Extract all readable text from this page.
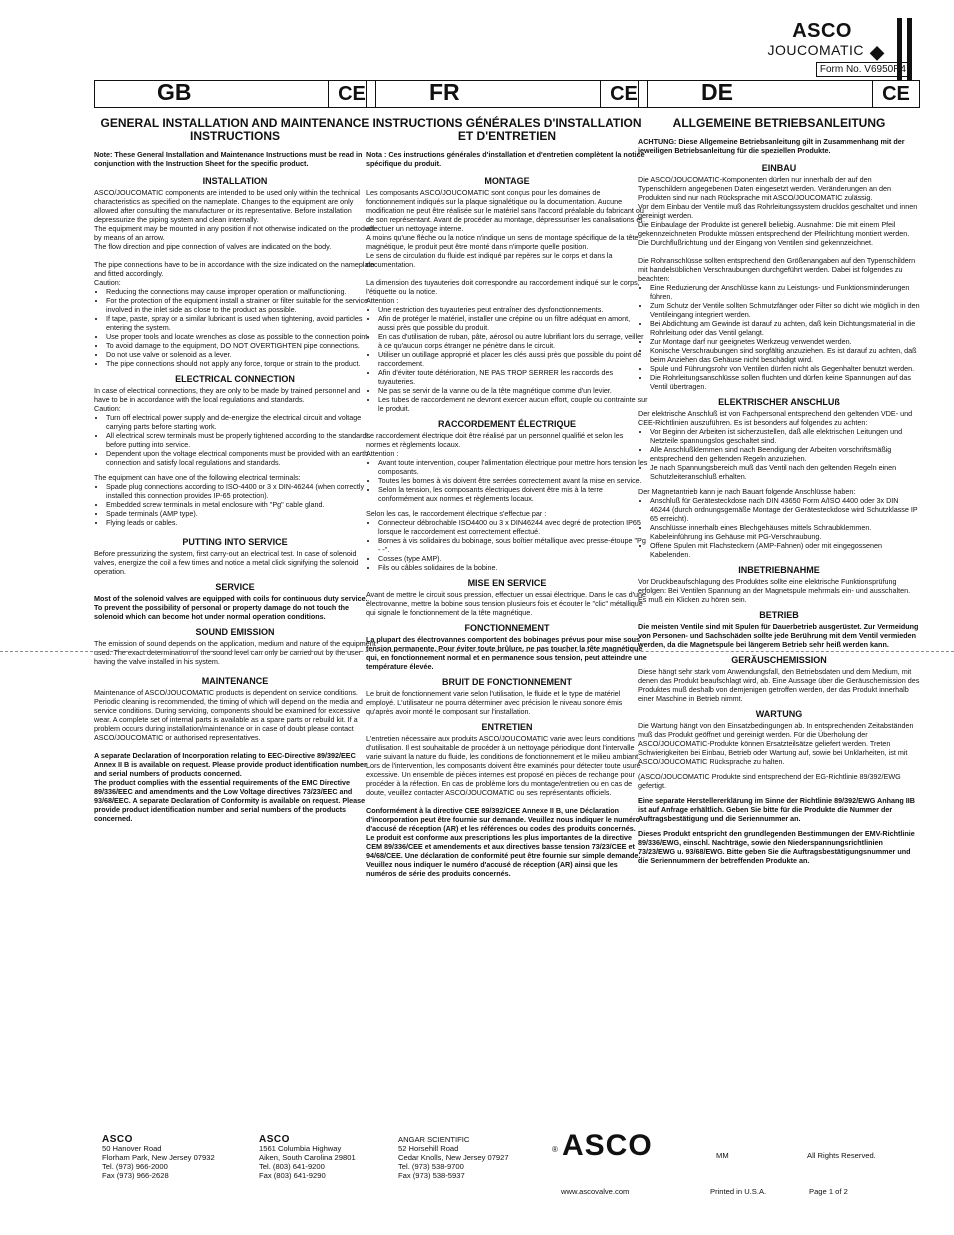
ASCO
JOUCOMATIC ◆
Form No. V6950R4
GB	CE
GENERAL INSTALLATION AND MAINTENANCE INSTRUCTIONS

Note: These General Installation and Maintenance Instructions must be read in conjunction with the Instruction Sheet for the specific product.

INSTALLATION

ASCO/JOUCOMATIC components are intended to be used only within the technical characteristics as specified on the nameplate. Changes to the equipment are only allowed after consulting the manufacturer or its representative. Before installation depressurize the piping system and clean internally.

The equipment may be mounted in any position if not otherwise indicated on the product by means of an arrow.

The flow direction and pipe connection of valves are indicated on the body.

The pipe connections have to be in accordance with the size indicated on the nameplate and fitted accordingly.

Caution:

• Reducing the connections may cause improper operation or malfunctioning.
• For the protection of the equipment install a strainer or filter suitable for the service involved in the inlet side as close to the product as possible.
• If tape, paste, spray or a similar lubricant is used when tightening, avoid particles entering the system.
• Use proper tools and locate wrenches as close as possible to the connection point.
• To avoid damage to the equipment, DO NOT OVERTIGHTEN pipe connections.
• Do not use valve or solenoid as a lever.
• The pipe connections should not apply any force, torque or strain to the product.
ELECTRICAL CONNECTION

In case of electrical connections, they are only to be made by trained personnel and have to be in accordance with the local regulations and standards.

Caution:

• Turn off electrical power supply and de-energize the electrical circuit and voltage carrying parts before starting work.
• All electrical screw terminals must be properly tightened according to the standards before putting into service.
• Dependent upon the voltage electrical components must be provided with an earth connection and satisfy local regulations and standards.

The equipment can have one of the following electrical terminals:

• Spade plug connections according to ISO-4400 or 3 x DIN-46244 (when correctly installed this connection provides IP-65 protection).
• Embedded screw terminals in metal enclosure with "Pg" cable gland.
• Spade terminals (AMP type).
• Flying leads or cables.
PUTTING INTO SERVICE

Before pressurizing the system, first carry-out an electrical test. In case of solenoid valves, energize the coil a few times and notice a metal click signifying the solenoid operation.

SERVICE

Most of the solenoid valves are equipped with coils for continuous duty service. To prevent the possibility of personal or property damage do not touch the solenoid which can become hot under normal operation conditions.

SOUND EMISSION

The emission of sound depends on the application, medium and nature of the equipment used. The exact determination of the sound level can only be carried out by the user having the valve installed in his system.

MAINTENANCE

Maintenance of ASCO/JOUCOMATIC products is dependent on service conditions. Periodic cleaning is recommended, the timing of which will depend on the media and service conditions. During servicing, components should be examined for excessive wear. A complete set of internal parts is available as a spare parts or rebuild kit. If a problem occurs during installation/maintenance or in case of doubt please contact ASCO/JOUCOMATIC or authorised representatives.

A separate Declaration of Incorporation relating to EEC-Directive 89/392/EEC Annex II B is available on request. Please provide product identification number and serial numbers of products concerned.

The product complies with the essential requirements of the EMC Directive 89/336/EEC and amendments and the Low Voltage directives 73/23/EEC and 93/68/EEC. A separate Declaration of Conformity is available on request. Please provide product identification number and serial numbers of the products concerned.

FR	CE
INSTRUCTIONS GÉNÉRALES D'INSTALLATION ET D'ENTRETIEN

Nota : Ces instructions générales d'installation et d'entretien complètent la notice spécifique du produit.

MONTAGE

Les composants ASCO/JOUCOMATIC sont conçus pour les domaines de fonctionnement indiqués sur la plaque signalétique ou la documentation. Aucune modification ne peut être réalisée sur le matériel sans l'accord préalable du fabricant ou de son représentant. Avant de procéder au montage, dépressuriser les canalisations et effectuer un nettoyage interne.

A moins qu'une flèche ou la notice n'indique un sens de montage spécifique de la tête magnétique, le produit peut être monté dans n'importe quelle position.

Le sens de circulation du fluide est indiqué par repères sur le corps et dans la documentation.

La dimension des tuyauteries doit correspondre au raccordement indiqué sur le corps, l'étiquette ou la notice.

Attention :

• Une restriction des tuyauteries peut entraîner des dysfonctionnements.
• Afin de protéger le matériel, installer une crépine ou un filtre adéquat en amont, aussi près que possible du produit.
• En cas d'utilisation de ruban, pâte, aérosol ou autre lubrifiant lors du serrage, veiller à ce qu'aucun corps étranger ne pénètre dans le circuit.
• Utiliser un outillage approprié et placer les clés aussi près que possible du point de raccordement.
• Afin d'éviter toute détérioration, NE PAS TROP SERRER les raccords des tuyauteries.
• Ne pas se servir de la vanne ou de la tête magnétique comme d'un levier.
• Les tubes de raccordement ne devront exercer aucun effort, couple ou contrainte sur le produit.
RACCORDEMENT ÉLECTRIQUE

Le raccordement électrique doit être réalisé par un personnel qualifié et selon les normes et règlements locaux.

Attention :

• Avant toute intervention, couper l'alimentation électrique pour mettre hors tension les composants.
• Toutes les bornes à vis doivent être serrées correctement avant la mise en service.
• Selon la tension, les composants électriques doivent être mis à la terre conformément aux normes et règlements locaux.

Selon les cas, le raccordement électrique s'effectue par :

• Connecteur débrochable ISO4400 ou 3 x DIN46244 avec degré de protection IP65 lorsque le raccordement est correctement effectué.
• Bornes à vis solidaires du bobinage, sous boîtier métallique avec presse-étoupe "Pg - -".
• Cosses (type AMP).
• Fils ou câbles solidaires de la bobine.
MISE EN SERVICE

Avant de mettre le circuit sous pression, effectuer un essai électrique. Dans le cas d'une électrovanne, mettre la bobine sous tension plusieurs fois et écouter le "clic" métallique qui signale le fonctionnement de la tête magnétique.

FONCTIONNEMENT

La plupart des électrovannes comportent des bobinages prévus pour mise sous tension permanente. Pour éviter toute brûlure, ne pas toucher la tête magnétique qui, en fonctionnement normal et en permanence sous tension, peut atteindre une température élevée.

BRUIT DE FONCTIONNEMENT

Le bruit de fonctionnement varie selon l'utilisation, le fluide et le type de matériel employé. L'utilisateur ne pourra déterminer avec précision le niveau sonore émis qu'après avoir monté le composant sur l'installation.

ENTRETIEN

L'entretien nécessaire aux produits ASCO/JOUCOMATIC varie avec leurs conditions d'utilisation. Il est souhaitable de procéder à un nettoyage périodique dont l'intervalle varie suivant la nature du fluide, les conditions de fonctionnement et le milieu ambiant. Lors de l'intervention, les composants doivent être examinés pour détecter toute usure excessive. Un ensemble de pièces internes est proposé en pièces de rechange pour procéder à la réfection. En cas de problème lors du montage/entretien ou en cas de doute, veuillez contacter ASCO/JOUCOMATIC ou ses représentants officiels.

Conformément à la directive CEE 89/392/CEE Annexe II B, une Déclaration d'incorporation peut être fournie sur demande. Veuillez nous indiquer le numéro d'accusé de réception (AR) et les références ou codes des produits concernés.

Le produit est conforme aux prescriptions les plus importantes de la directive CEM 89/336/CEE et amendements et aux directives basse tension 73/23/CEE et 94/68/CEE. Une déclaration de conformité peut être fournie sur simple demande. Veuillez nous indiquer le numéro d'accusé de réception (AR) ainsi que les numéros de série des produits concernés.

DE	CE
ALLGEMEINE BETRIEBSANLEITUNG

ACHTUNG: Diese Allgemeine Betriebsanleitung gilt in Zusammenhang mit der jeweiligen Betriebsanleitung für die speziellen Produkte.

EINBAU

Die ASCO/JOUCOMATIC-Komponenten dürfen nur innerhalb der auf den Typenschildern angegebenen Daten eingesetzt werden. Veränderungen an den Produkten sind nur nach Rücksprache mit ASCO/JOUCOMATIC zulässig.

Vor dem Einbau der Ventile muß das Rohrleitungssystem drucklos geschaltet und innen gereinigt werden.

Die Einbaulage der Produkte ist generell beliebig. Ausnahme: Die mit einem Pfeil gekennzeichneten Produkte müssen entsprechend der Pfeilrichtung montiert werden.

Die Durchflußrichtung und der Eingang von Ventilen sind gekennzeichnet.

Die Rohranschlüsse sollten entsprechend den Größenangaben auf den Typenschildern mit handelsüblichen Verschraubungen durchgeführt werden. Dabei ist folgendes zu beachten:

• Eine Reduzierung der Anschlüsse kann zu Leistungs- und Funktionsminderungen führen.
• Zum Schutz der Ventile sollten Schmutzfänger oder Filter so dicht wie möglich in den Ventileingang integriert werden.
• Bei Abdichtung am Gewinde ist darauf zu achten, daß kein Dichtungsmaterial in die Rohrleitung oder das Ventil gelangt.
• Zur Montage darf nur geeignetes Werkzeug verwendet werden.
• Konische Verschraubungen sind sorgfältig anzuziehen. Es ist darauf zu achten, daß beim Anziehen das Gehäuse nicht beschädigt wird.
• Spule und Führungsrohr von Ventilen dürfen nicht als Gegenhalter benutzt werden.
• Die Rohrleitungsanschlüsse sollen fluchten und dürfen keine Spannungen auf das Ventil übertragen.
ELEKTRISCHER ANSCHLUß

Der elektrische Anschluß ist von Fachpersonal entsprechend den geltenden VDE- und CEE-Richtlinien auszuführen. Es ist besonders auf folgendes zu achten:

• Vor Beginn der Arbeiten ist sicherzustellen, daß alle elektrischen Leitungen und Netzteile spannungslos geschaltet sind.
• Alle Anschlußklemmen sind nach Beendigung der Arbeiten vorschriftsmäßig entsprechend den geltenden Regeln anzuziehen.
• Je nach Spannungsbereich muß das Ventil nach den geltenden Regeln einen Schutzleiteranschluß erhalten.

Der Magnetantrieb kann je nach Bauart folgende Anschlüsse haben:

• Anschluß für Gerätesteckdose nach DIN 43650 Form A/ISO 4400 oder 3x DIN 46244 (durch ordnungsgemäße Montage der Gerätesteckdose wird Schutzklasse IP 65 erreicht).
• Anschlüsse innerhalb eines Blechgehäuses mittels Schraubklemmen. Kabeleinführung ins Gehäuse mit PG-Verschraubung.
• Offene Spulen mit Flachsteckern (AMP-Fahnen) oder mit eingegossenen Kabelenden.
INBETRIEBNAHME

Vor Druckbeaufschlagung des Produktes sollte eine elektrische Funktionsprüfung erfolgen: Bei Ventilen Spannung an der Magnetspule mehrmals ein- und ausschalten. Es muß ein Klicken zu hören sein.

BETRIEB

Die meisten Ventile sind mit Spulen für Dauerbetrieb ausgerüstet. Zur Vermeidung von Personen- und Sachschäden sollte jede Berührung mit dem Ventil vermieden werden, da die Magnetspule bei längerem Betrieb sehr heiß werden kann.

GERÄUSCHEMISSION

Diese hängt sehr stark vom Anwendungsfall, den Betriebsdaten und dem Medium, mit denen das Produkt beaufschlagt wird, ab. Eine Aussage über die Geräuschemission des Produktes muß deshalb von demjenigen getroffen werden, der das Produkt innerhalb einer Maschine in Betrieb nimmt.

WARTUNG

Die Wartung hängt von den Einsatzbedingungen ab. In entsprechenden Zeitabständen muß das Produkt geöffnet und gereinigt werden. Für die Überholung der ASCO/JOUCOMATIC-Produkte können Ersatzteilsätze geliefert werden. Treten Schwierigkeiten bei Einbau, Betrieb oder Wartung auf, sowie bei Unklarheiten, ist mit ASCO/JOUCOMATIC Rücksprache zu halten.

(ASCO/JOUCOMATIC Produkte sind entsprechend der EG-Richtlinie 89/392/EWG gefertigt.

Eine separate Herstellererklärung im Sinne der Richtlinie 89/392/EWG Anhang IIB ist auf Anfrage erhältlich. Geben Sie bitte für die Produkte die Nummer der Auftragsbestätigung und die Seriennummer an.

Dieses Produkt entspricht den grundlegenden Bestimmungen der EMV-Richtlinie 89/336/EWG, einschl. Nachträge, sowie den Niederspannungsrichtlinien 73/23/EWG u. 93/68/EWG. Bitte geben Sie die Auftragsbestätigungsnummer und die Seriennummern der betreffenden Produkte an.

ASCO
50 Hanover Road
Florham Park, New Jersey 07932
Tel. (973) 966-2000
Fax (973) 966-2628
ASCO
1561 Columbia Highway
Aiken, South Carolina 29801
Tel. (803) 641-9200
Fax (803) 641-9290
ANGAR SCIENTIFIC
52 Horsehill Road
Cedar Knolls, New Jersey 07927
Tel. (973) 538-9700
Fax (973) 538-5937
® ASCO	MM	All Rights Reserved.
www.ascovalve.com	Printed in U.S.A.	Page 1 of 2
